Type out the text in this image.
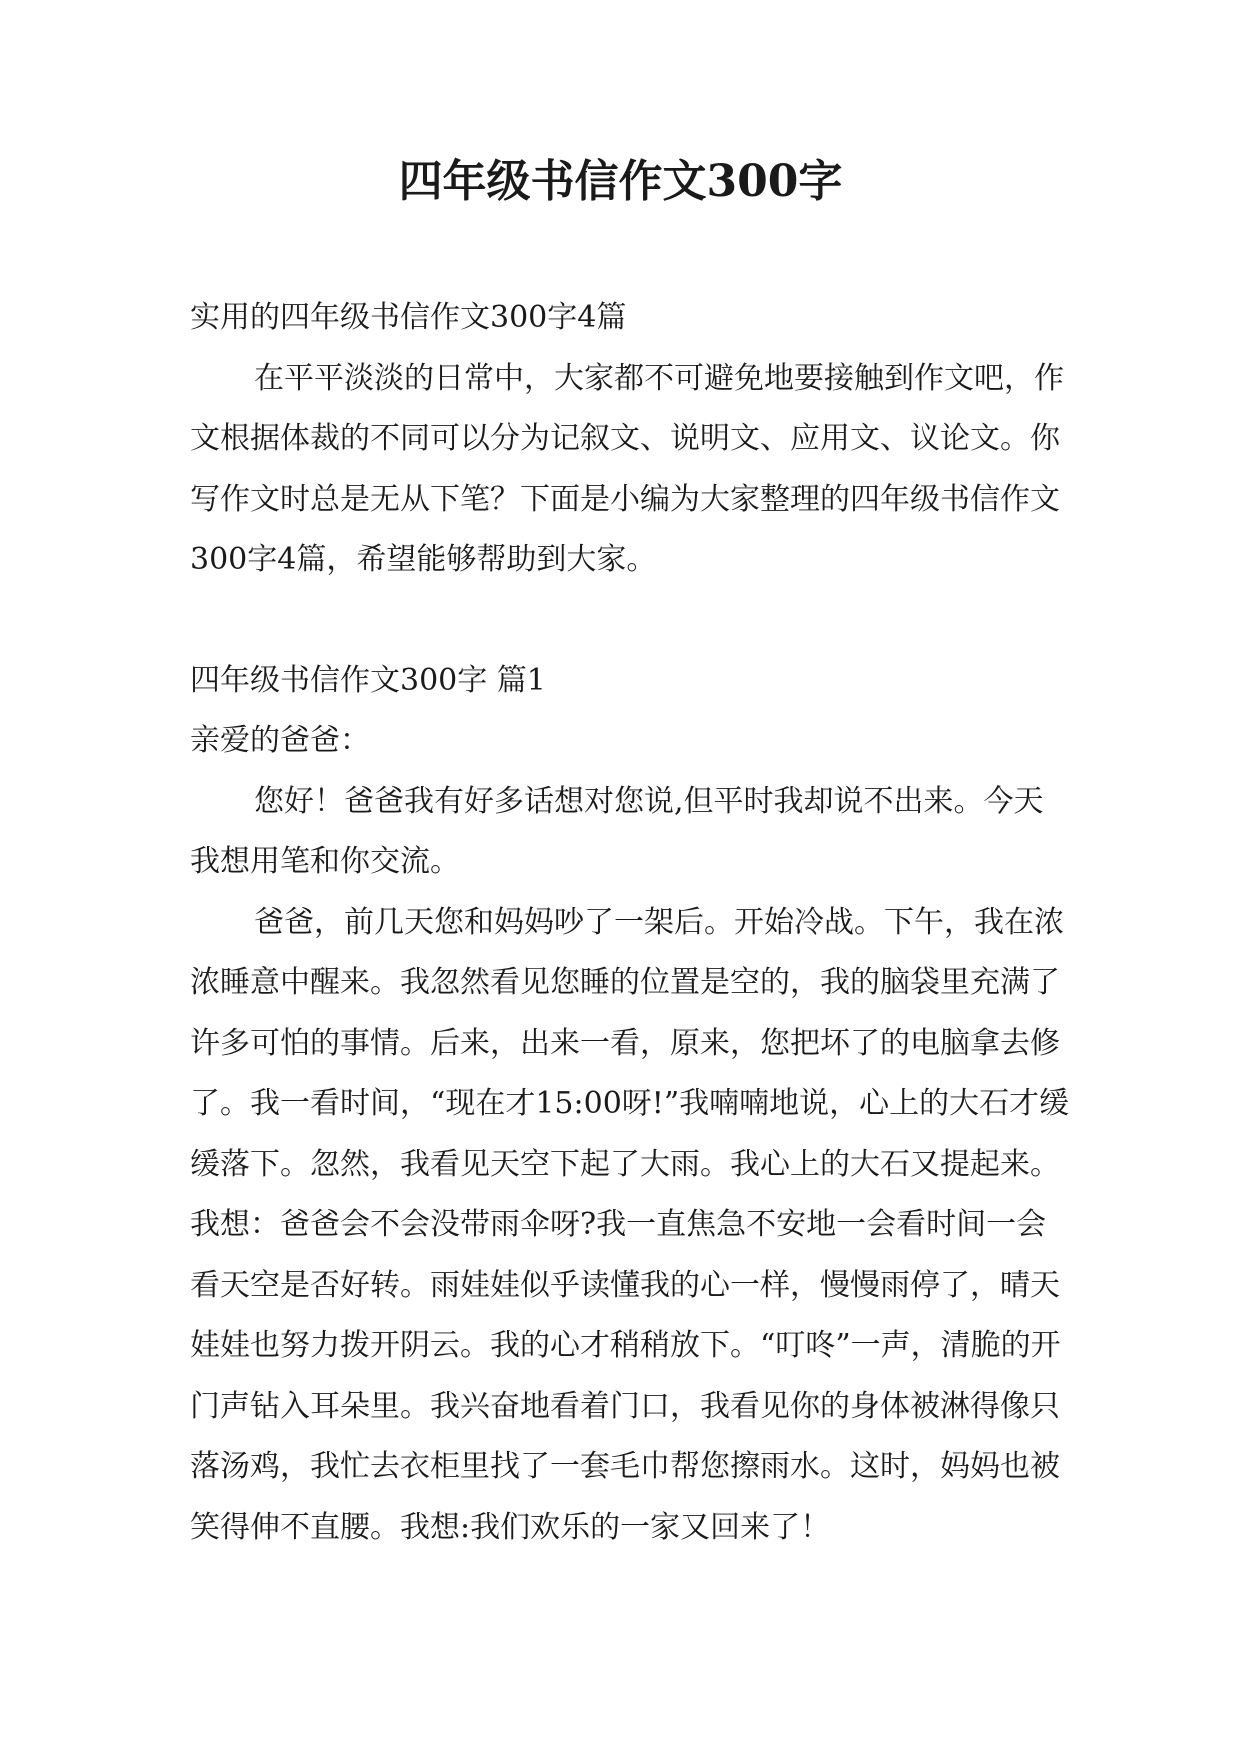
四年级书信作文300字

实用的四年级书信作文300字4篇

在平平淡淡的日常中，大家都不可避免地要接触到作文吧，作文根据体裁的不同可以分为记叙文、说明文、应用文、议论文。你写作文时总是无从下笔？下面是小编为大家整理的四年级书信作文300字4篇，希望能够帮助到大家。

四年级书信作文300字 篇1

亲爱的爸爸：

您好！爸爸我有好多话想对您说,但平时我却说不出来。今天我想用笔和你交流。

爸爸，前几天您和妈妈吵了一架后。开始冷战。下午，我在浓浓睡意中醒来。我忽然看见您睡的位置是空的，我的脑袋里充满了许多可怕的事情。后来，出来一看，原来，您把坏了的电脑拿去修了。我一看时间，“现在才15:00呀!”我喃喃地说，心上的大石才缓缓落下。忽然，我看见天空下起了大雨。我心上的大石又提起来。我想：爸爸会不会没带雨伞呀?我一直焦急不安地一会看时间一会看天空是否好转。雨娃娃似乎读懂我的心一样，慢慢雨停了，晴天娃娃也努力拨开阴云。我的心才稍稍放下。“叮咚”一声，清脆的开门声钻入耳朵里。我兴奋地看着门口，我看见你的身体被淋得像只落汤鸡，我忙去衣柜里找了一套毛巾帮您擦雨水。这时，妈妈也被笑得伸不直腰。我想:我们欢乐的一家又回来了！
